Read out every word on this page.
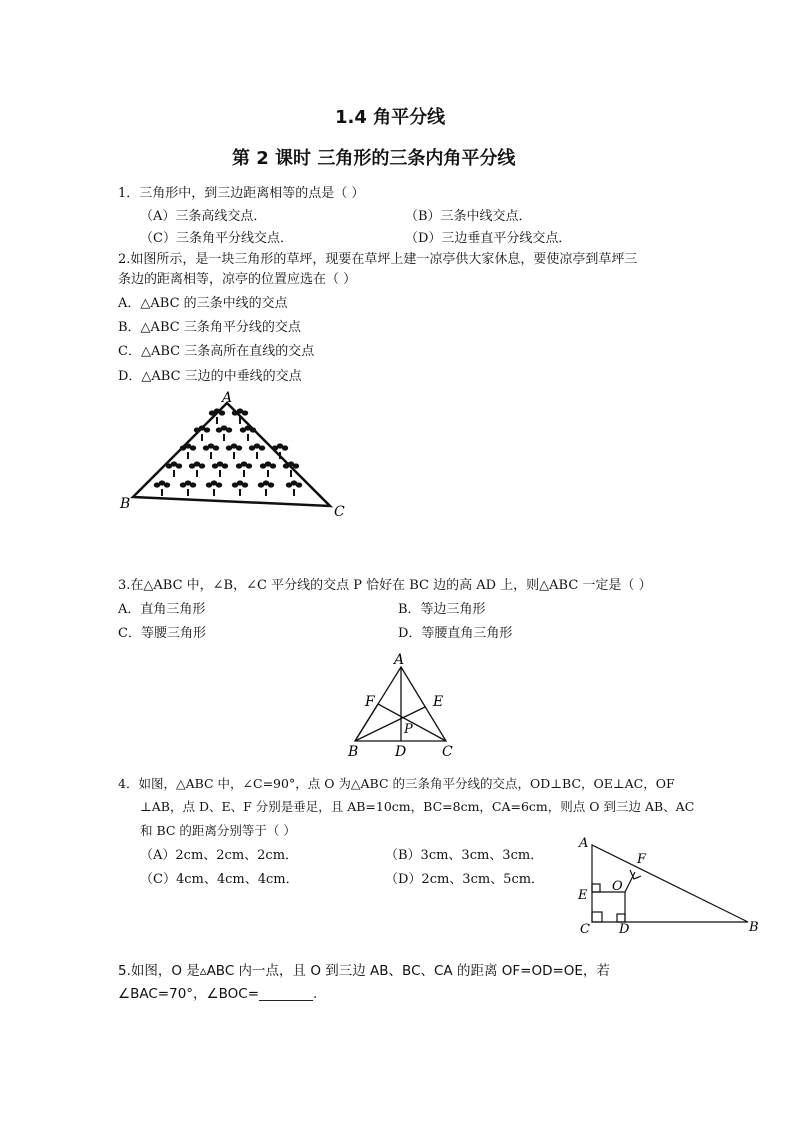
1.4 角平分线
第 2 课时 三角形的三条内角平分线
1．三角形中，到三边距离相等的点是（ ）
（A）三条高线交点．	（B）三条中线交点．
（C）三条角平分线交点．	（D）三边垂直平分线交点．
2.如图所示，是一块三角形的草坪，现要在草坪上建一凉亭供大家休息，要使凉亭到草坪三
条边的距离相等，凉亭的位置应选在（ ）
A．△ABC 的三条中线的交点
B．△ABC 三条角平分线的交点
C．△ABC 三条高所在直线的交点
D．△ABC 三边的中垂线的交点
A
B	C
3.在△ABC 中，∠B，∠C 平分线的交点 P 恰好在 BC 边的高 AD 上，则△ABC 一定是（ ）
A．直角三角形	B．等边三角形
C．等腰三角形	D．等腰直角三角形
A
F	E
P
B	D	C
4．如图，△ABC 中，∠C=90°，点 O 为△ABC 的三条角平分线的交点，OD⊥BC，OE⊥AC，OF
⊥AB，点 D、E、F 分别是垂足，且 AB=10cm，BC=8cm，CA=6cm，则点 O 到三边 AB、AC
和 BC 的距离分别等于（ ）
（A）2cm、2cm、2cm．	（B）3cm、3cm、3cm．
（C）4cm、4cm、4cm．	（D）2cm、3cm、5cm．
A
F
O
E
C D	B
5.如图，O 是▵ABC 内一点，且 O 到三边 AB、BC、CA 的距离 OF=OD=OE，若
∠BAC=70°，∠BOC=________.
